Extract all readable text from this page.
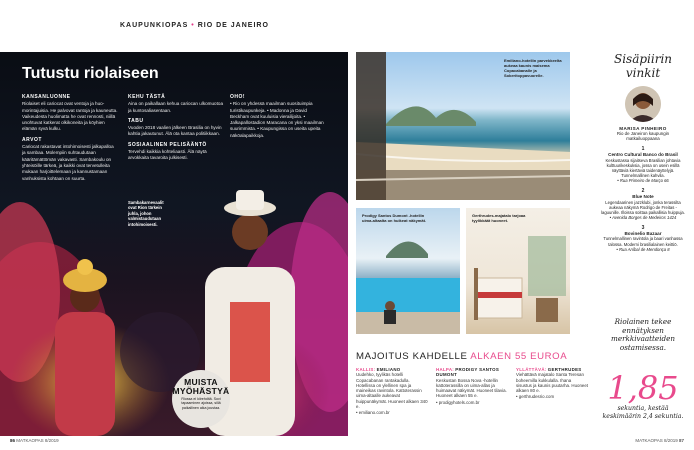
KAUPUNKIOPAS • RIO DE JANEIRO
Tutustu riolaiseen
KANSANLUONNE

Riolaiset eli cariocat ovat ventoja ja huo-morintajuisia. He palvovat rantoja ja kauneutta. Vaikeudesta huolimatta he ovat rennosti, niillä unohtuvat katkerat olkikoneita ja köyhien elämän syvä kulku.

ARVOT

Cariocat rakastavat intohimoisesti jalkapalloa ja sambaa. Molempiin suhtaudutaan kääritämättömän vakavasti. Sambakoulu on yhteisöille tärkeä, ja kaikki ovat tervetulleita mukaan harjoittelemaan ja kannustamaan vanhuksista kohtaan on suurta.

KEHU TÄSTÄ

Aina on paikallaan kehua cariocan ulkomuotoa ja kuntosaliasentaan.

TABU

Vuoden 2018 vaalien jälkeen Brasilia on hyvin kahtia jakautunut. Älä ota kantaa politiikkaan.

SOSIAALINEN PELISÄÄNTÖ

Tervehdi kaikkia kohteliaasti. Älä näytä arvokkaita tavaroita julkisesti.

OHO!

• Rio on yhdessä maailman suosituimpia turistikaupunkeja. • Madonna ja David Beckham ovat kuuluisia vierailijoita. • Jalkapallostadion Maracana on yksi maailman suurimmista. • Kaupungissa on useita upeita näköalapaikkoja.

Sambakarnevaalit ovat Rion tärkein juhla, johon valmistaudutaan intohimoisesti.
MUISTA MYÖHÄSTYÄ
Riossa ei kiirehditä. Sovi tapaaminen ajoissa, sillä paikallinen aika joustaa.
Emiliano-hotellin parvekkeelta aukeaa kaunis maisema Copacabanalle ja Sokeritoppavuorelle.
Prodigy Santos Dumont -hotellin uima-altaalta on huikeat näkymät.
Gerthrudes-majatalo tarjoaa tyylikkäät huoneet.
MAJOITUS KAHDELLE ALKAEN 55 EUROA
KALLIS: EMILIANO
Uudehko, tyylikäs hotelli Copacabanan rantakadulla. Hotellissa on ylellinen spa ja maineikas ravintola. Kattoterassin uima-altaalle aukeavat huippunäkymät. Huoneet alkaen 340 e.
• emiliano.com.br
HALPA: PRODIGY SANTOS DUMONT
Keskustan Bossa Nova -hotellin kattoterassilla on uima-allas ja huimaavat näkymät. Huoneet tilavia. Huoneet alkaen 55 e.
• prodigyhotels.com.br
YLLÄTTÄVÄ: GERTHRUDES
Viehättävä majatalo Santa Teresan boheemilla kukkulalla. Ihana sisustus ja kaunis puutarha. Huoneet alkaen 80 e.
• gerthrudesrio.com
Sisäpiirin vinkit
MARISA PINHEIRO
Rio de Janeiron kaupungin matkailuoppaana
1
Centro Cultural Banco do Brasil
Keskustassa sijaitseva Brasilian johtavia kulttuurikeskuksia, jossa on usein esillä näyttäviä kiertäviä taidenäyttelyjä. Tunnelmallinen kahvila.
• Rua Primeiro de Março 66
2
Blue Note
Legendaarinen jazzklubi, jonka terassilta aukeaa näkymä Rodrigo de Freitas -laguunille. Illoissa soittaa paikallisia huippuja.
• Avenida Borges de Medeiros 1424
3
Bovinelio Bazaar
Tunnelmallinen ravintola ja baari vanhassa talossa. Moderni brasilialainen keittiö.
• Rua Aníbal de Mendonça 8
Riolainen tekee ennätyksen merkkivaatteiden ostamisessa.
1,85
sekuntia, kestää keskimäärin 2,4 sekuntia.
86 MATKAOPAS 8/2019	MATKAOPAS 8/2019 87
